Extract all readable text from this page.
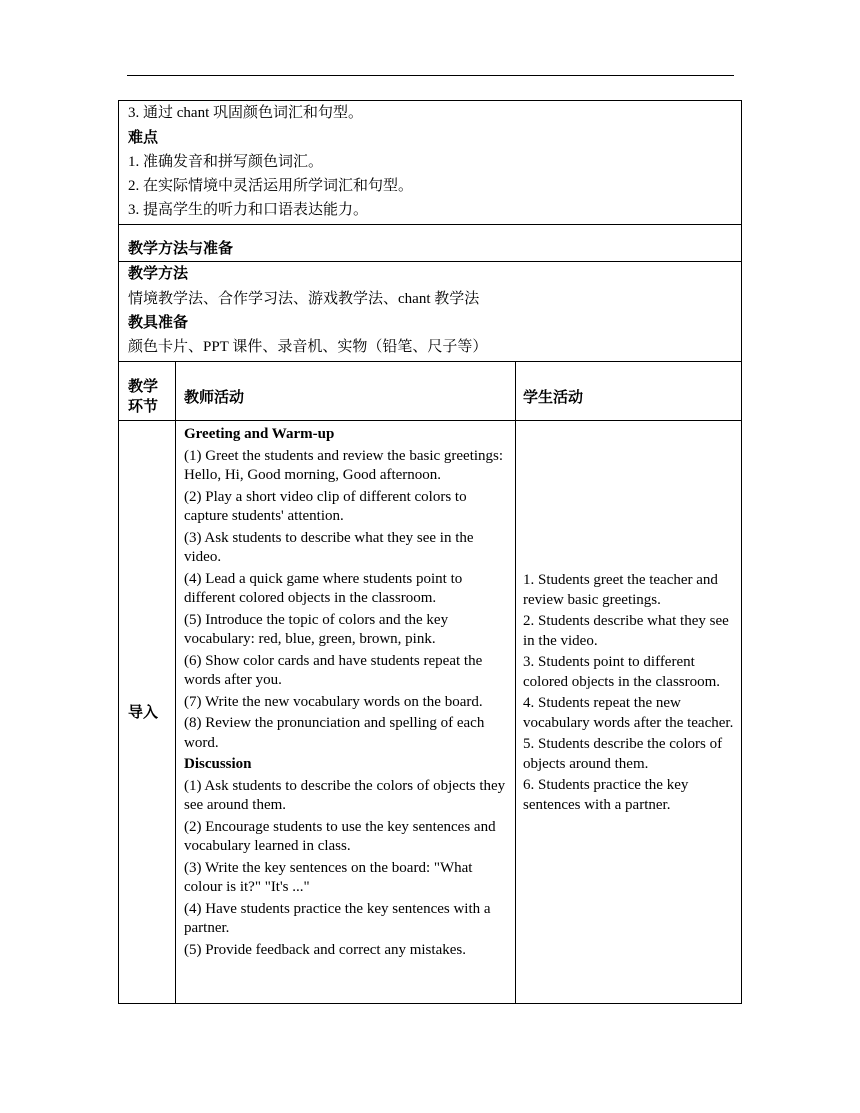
3. 通过 chant 巩固颜色词汇和句型。
难点
1. 准确发音和拼写颜色词汇。
2. 在实际情境中灵活运用所学词汇和句型。
3. 提高学生的听力和口语表达能力。
教学方法与准备
教学方法
情境教学法、合作学习法、游戏教学法、chant 教学法
教具准备
颜色卡片、PPT 课件、录音机、实物（铅笔、尺子等）
教学
环节
教师活动	学生活动
导入

Greeting and Warm-up

(1) Greet the students and review the basic greetings: Hello, Hi, Good morning, Good afternoon.

(2) Play a short video clip of different colors to capture students' attention.

(3) Ask students to describe what they see in the video.

(4) Lead a quick game where students point to different colored objects in the classroom.

(5) Introduce the topic of colors and the key vocabulary: red, blue, green, brown, pink.

(6) Show color cards and have students repeat the words after you.

(7) Write the new vocabulary words on the board.

(8) Review the pronunciation and spelling of each word.

Discussion

(1) Ask students to describe the colors of objects they see around them.

(2) Encourage students to use the key sentences and vocabulary learned in class.

(3) Write the key sentences on the board: "What colour is it?" "It's ..."

(4) Have students practice the key sentences with a partner.

(5) Provide feedback and correct any mistakes.

1. Students greet the teacher and review basic greetings.

2. Students describe what they see in the video.

3. Students point to different colored objects in the classroom.

4. Students repeat the new vocabulary words after the teacher.

5. Students describe the colors of objects around them.

6. Students practice the key sentences with a partner.
